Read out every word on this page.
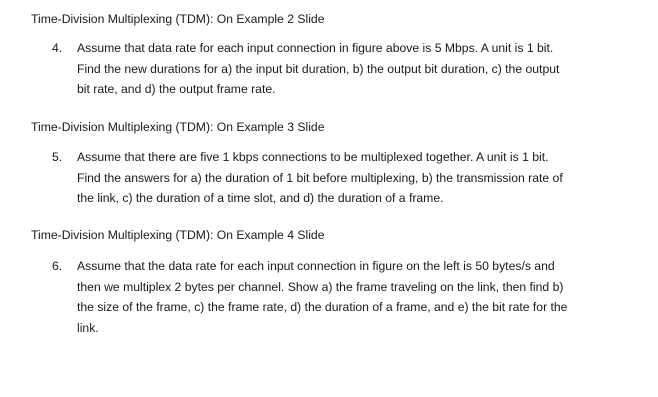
Time-Division Multiplexing (TDM): On Example 2 Slide
4.	Assume that data rate for each input connection in figure above is 5 Mbps. A unit is 1 bit.
Find the new durations for a) the input bit duration, b) the output bit duration, c) the output
bit rate, and d) the output frame rate.
Time-Division Multiplexing (TDM): On Example 3 Slide
5.	Assume that there are five 1 kbps connections to be multiplexed together. A unit is 1 bit.
Find the answers for a) the duration of 1 bit before multiplexing, b) the transmission rate of
the link, c) the duration of a time slot, and d) the duration of a frame.
Time-Division Multiplexing (TDM): On Example 4 Slide
6.	Assume that the data rate for each input connection in figure on the left is 50 bytes/s and
then we multiplex 2 bytes per channel. Show a) the frame traveling on the link, then find b)
the size of the frame, c) the frame rate, d) the duration of a frame, and e) the bit rate for the
link.
